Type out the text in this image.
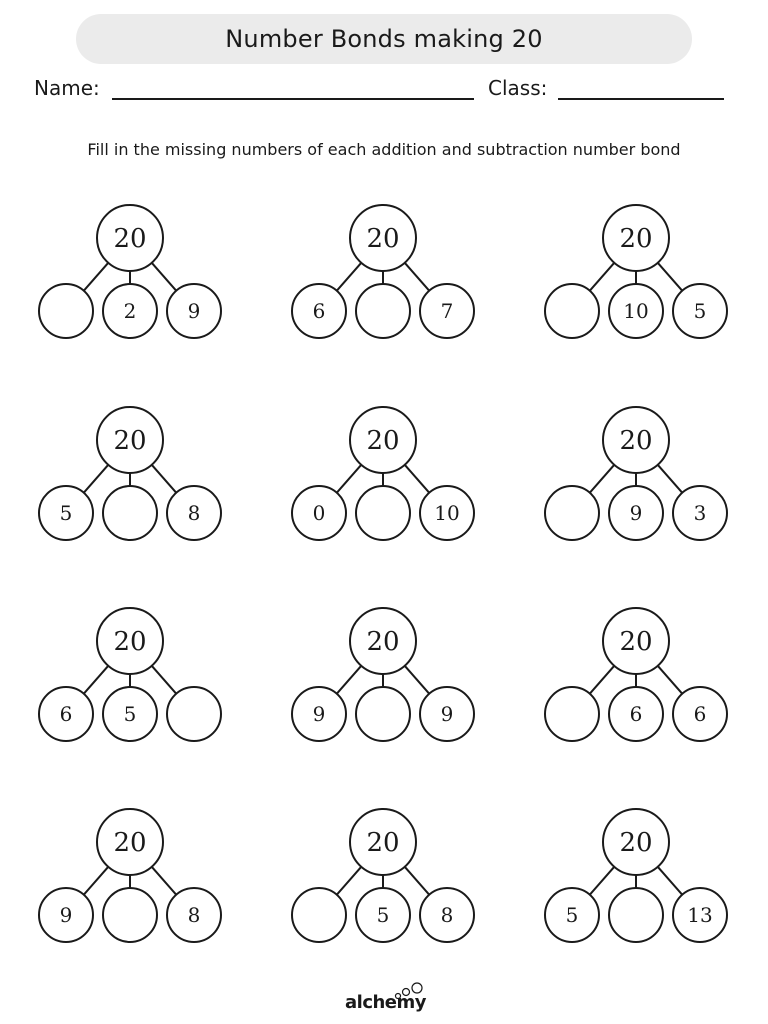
Number Bonds making 20
Name:	Class:
Fill in the missing numbers of each addition and subtraction number bond
20
2	9
20
6	7
20
10 5
20
5	8
20
0	10
20
9	3
20
6	5
20
9	9
20
6	6
20
9	8
20
5	8
20
5	13
alchemy
